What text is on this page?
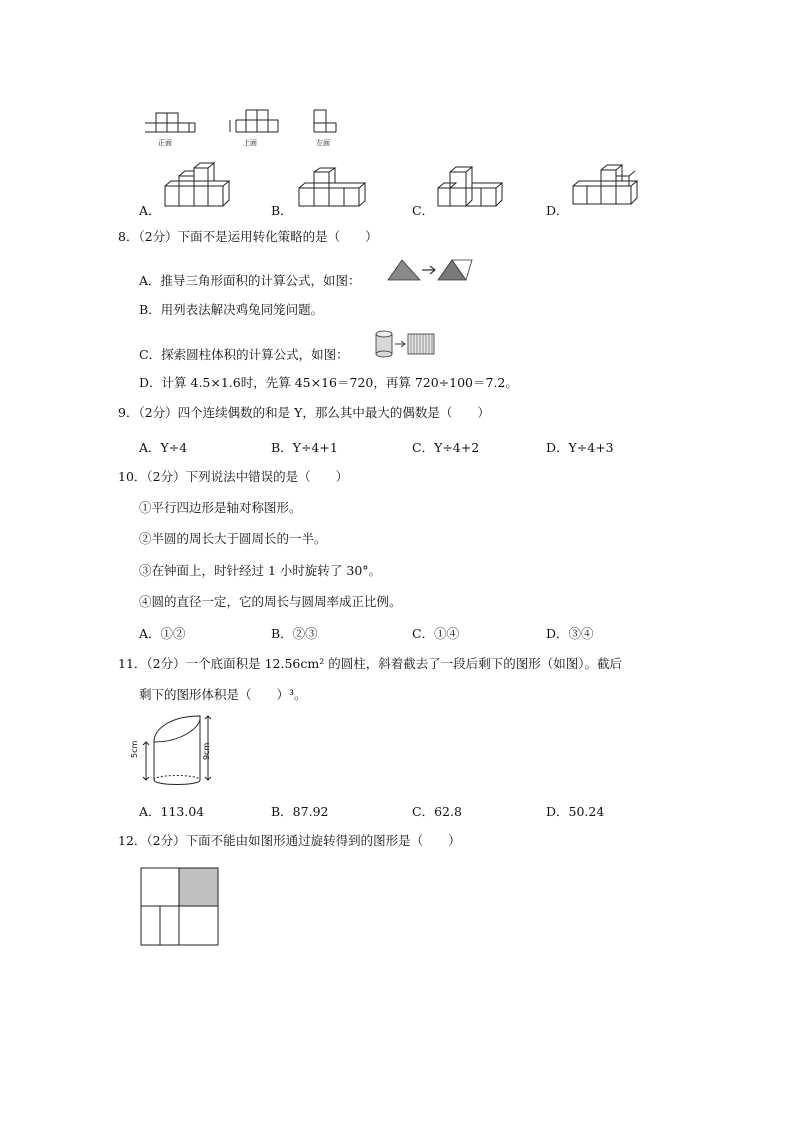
正面	上面	左面
A．	B．	C．	D．
8．（2分）下面不是运用转化策略的是（　　）
A．推导三角形面积的计算公式，如图：
B．用列表法解决鸡兔同笼问题。
C．探索圆柱体积的计算公式，如图：
D．计算 4.5×1.6时，先算 45×16＝720，再算 720÷100＝7.2。
9．（2分）四个连续偶数的和是 Y，那么其中最大的偶数是（　　）
A．Y÷4	B．Y÷4+1	C．Y÷4+2	D．Y÷4+3
10．（2分）下列说法中错误的是（　　）
①平行四边形是轴对称图形。
②半圆的周长大于圆周长的一半。
③在钟面上，时针经过 1 小时旋转了 30°。
④圆的直径一定，它的周长与圆周率成正比例。
A．①②	B．②③	C．①④	D．③④
11．（2分）一个底面积是 12.56cm² 的圆柱，斜着截去了一段后剩下的图形（如图）。截后
剩下的图形体积是（　　）³。
5cm	9cm
A．113.04	B．87.92	C．62.8	D．50.24
12．（2分）下面不能由如图形通过旋转得到的图形是（　　）
